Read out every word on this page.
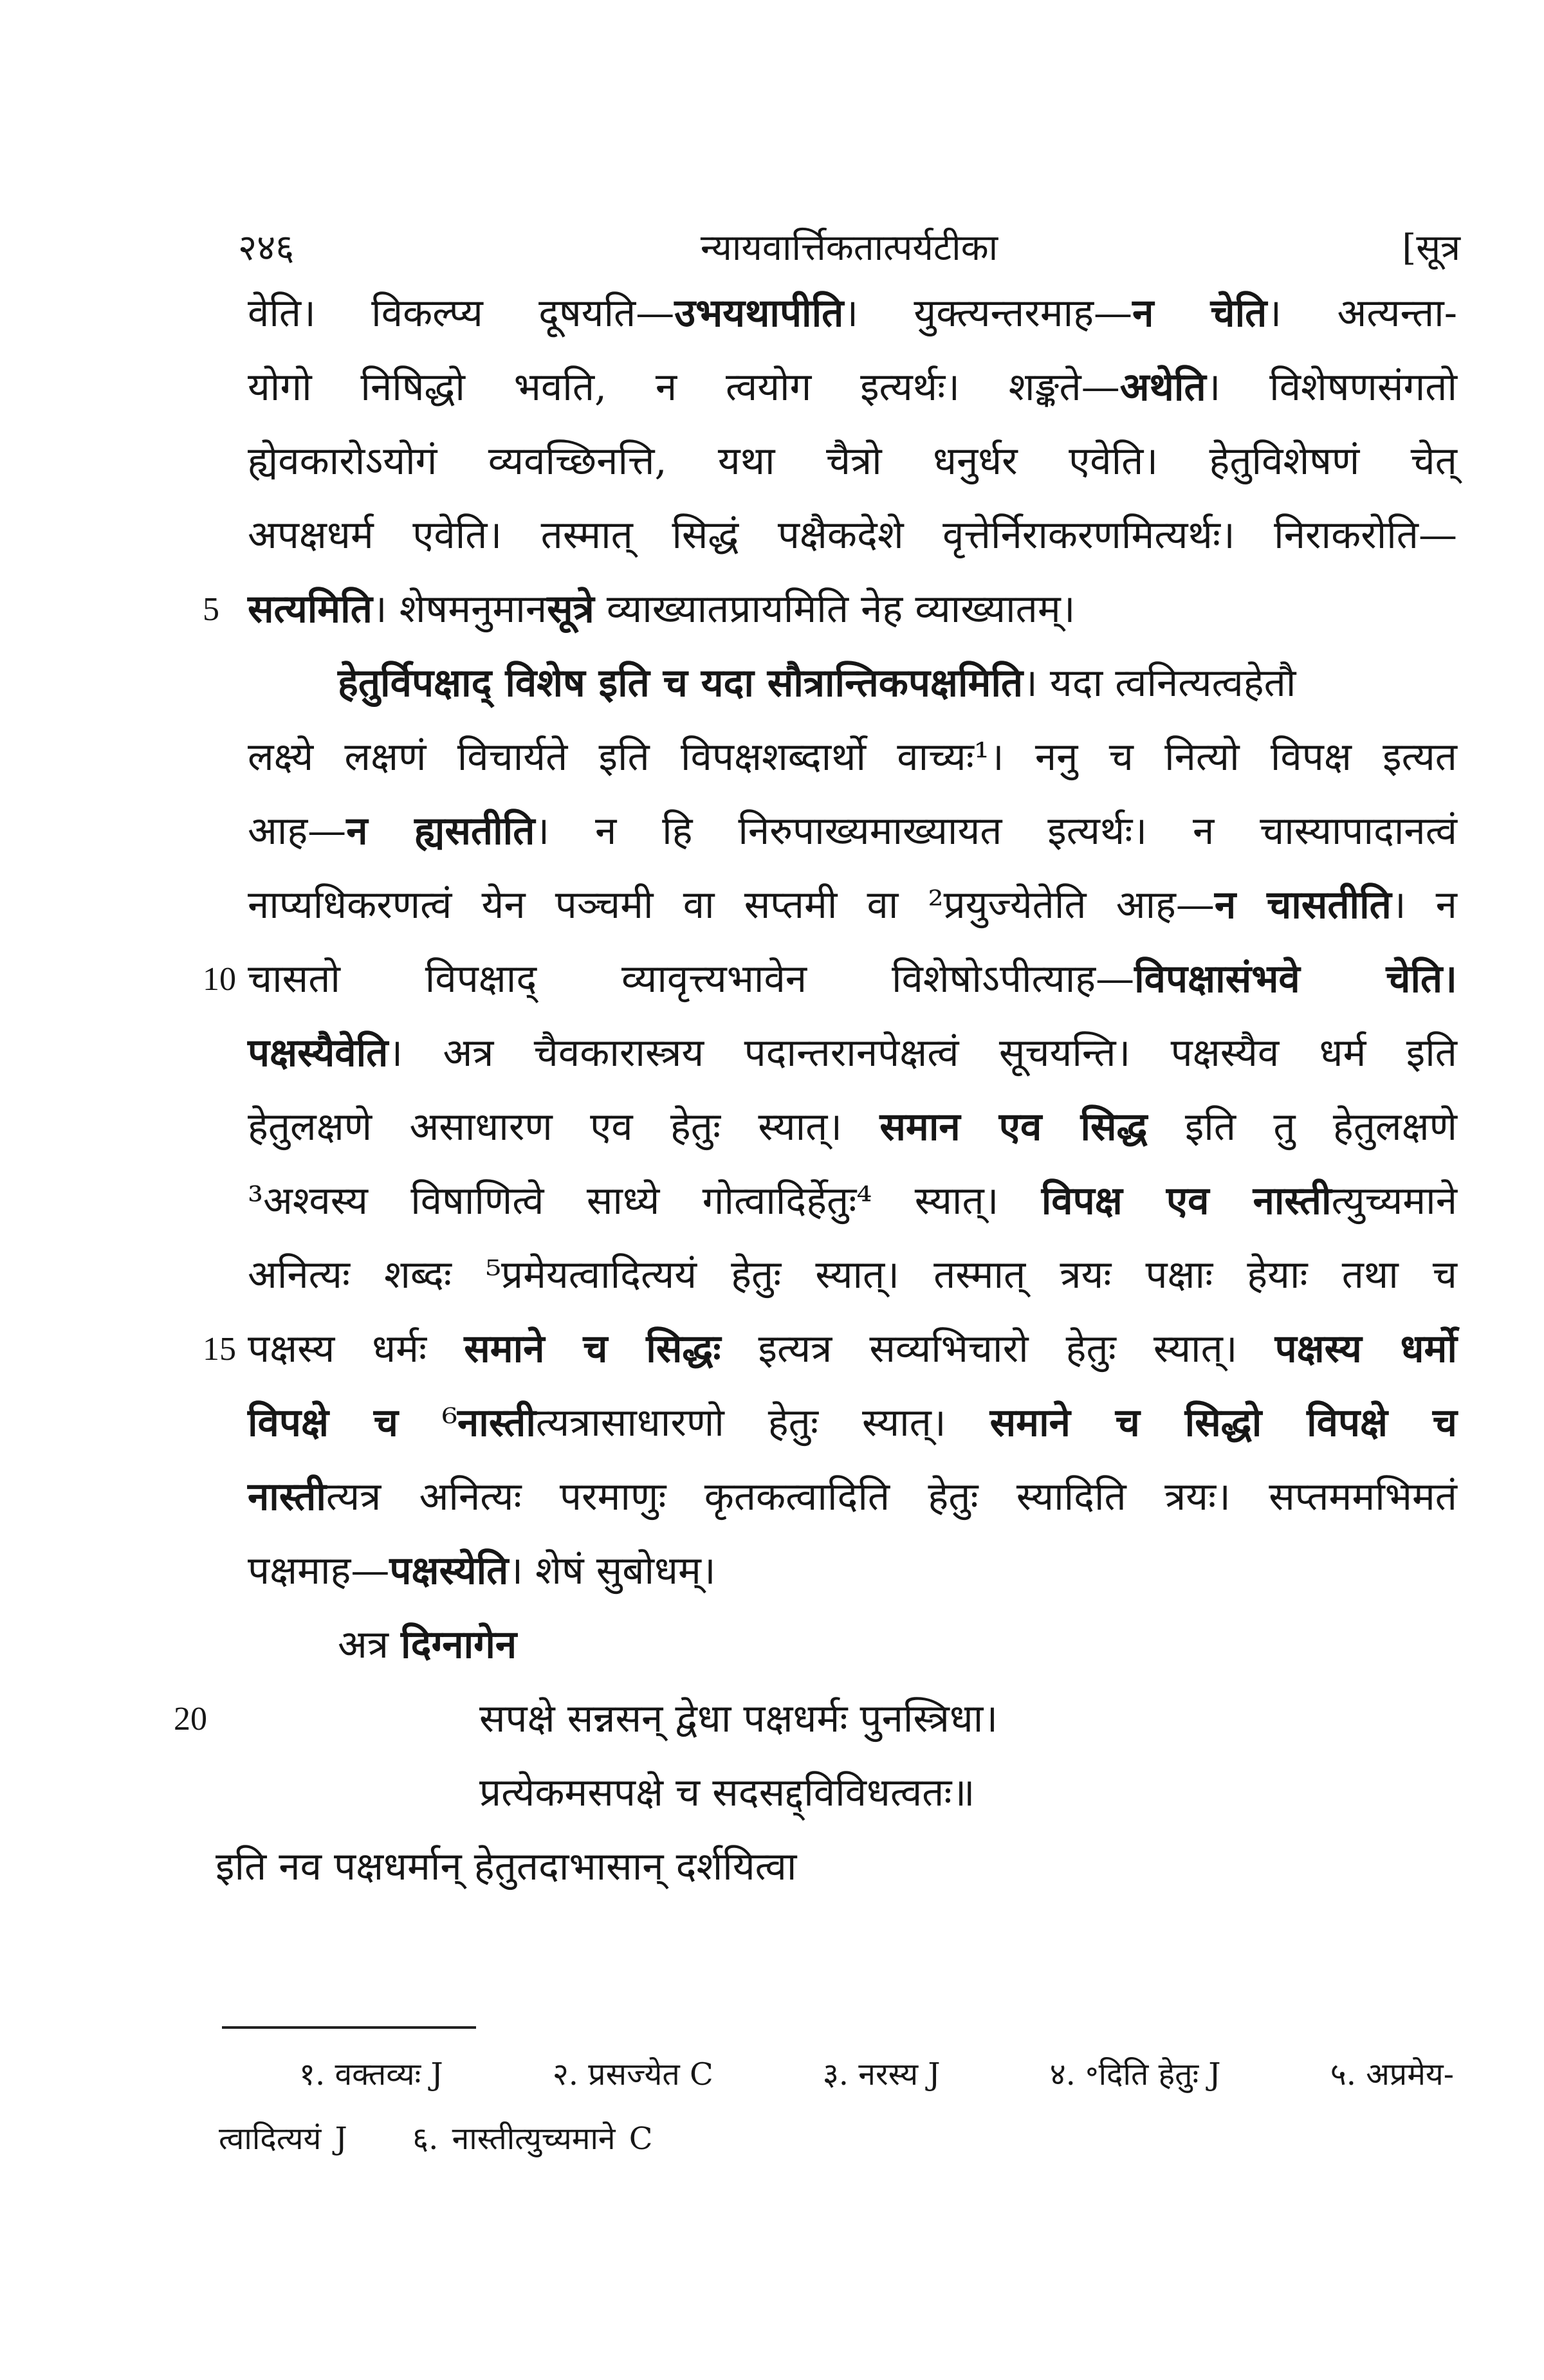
२४६	न्यायवार्त्तिकतात्पर्यटीका	[सूत्र
वेति। विकल्प्य दूषयति—उभयथापीति। युक्त्यन्तरमाह—न चेति। अत्यन्ता-
योगो निषिद्धो भवति, न त्वयोग इत्यर्थः। शङ्कते—अथेति। विशेषणसंगतो
ह्येवकारोऽयोगं व्यवच्छिनत्ति, यथा चैत्रो धनुर्धर एवेति। हेतुविशेषणं चेत्
अपक्षधर्म एवेति। तस्मात् सिद्धं पक्षैकदेशे वृत्तेर्निराकरणमित्यर्थः। निराकरोति—
5 सत्यमिति। शेषमनुमानसूत्रे व्याख्यातप्रायमिति नेह व्याख्यातम्।
हेतुर्विपक्षाद् विशेष इति च यदा सौत्रान्तिकपक्षमिति। यदा त्वनित्यत्वहेतौ
लक्ष्ये लक्षणं विचार्यते इति विपक्षशब्दार्थो वाच्यः¹। ननु च नित्यो विपक्ष इत्यत
आह—न ह्यसतीति। न हि निरुपाख्यमाख्यायत इत्यर्थः। न चास्यापादानत्वं
नाप्यधिकरणत्वं येन पञ्चमी वा सप्तमी वा ²प्रयुज्येतेति आह—न चासतीति। न
10 चासतो विपक्षाद् व्यावृत्त्यभावेन विशेषोऽपीत्याह—विपक्षासंभवे चेति।
पक्षस्यैवेति। अत्र चैवकारास्त्रय पदान्तरानपेक्षत्वं सूचयन्ति। पक्षस्यैव धर्म इति
हेतुलक्षणे असाधारण एव हेतुः स्यात्। समान एव सिद्ध इति तु हेतुलक्षणे
³अश्वस्य विषाणित्वे साध्ये गोत्वादिर्हेतुः⁴ स्यात्। विपक्ष एव नास्तीत्युच्यमाने
अनित्यः शब्दः ⁵प्रमेयत्वादित्ययं हेतुः स्यात्। तस्मात् त्रयः पक्षाः हेयाः तथा च
15 पक्षस्य धर्मः समाने च सिद्धः इत्यत्र सव्यभिचारो हेतुः स्यात्। पक्षस्य धर्मो
विपक्षे च ⁶नास्तीत्यत्रासाधारणो हेतुः स्यात्। समाने च सिद्धो विपक्षे च
नास्तीत्यत्र अनित्यः परमाणुः कृतकत्वादिति हेतुः स्यादिति त्रयः। सप्तममभिमतं
पक्षमाह—पक्षस्येति। शेषं सुबोधम्।
अत्र दिग्नागेन
20	सपक्षे सन्नसन् द्वेधा पक्षधर्मः पुनस्त्रिधा।
प्रत्येकमसपक्षे च सदसद्द्विविधत्वतः॥
इति नव पक्षधर्मान् हेतुतदाभासान् दर्शयित्वा
१. वक्तव्यः J	२. प्रसज्येत C	३. नरस्य J	४. ॰दिति हेतुः J	५. अप्रमेय-
त्वादित्ययं J ६. नास्तीत्युच्यमाने C
